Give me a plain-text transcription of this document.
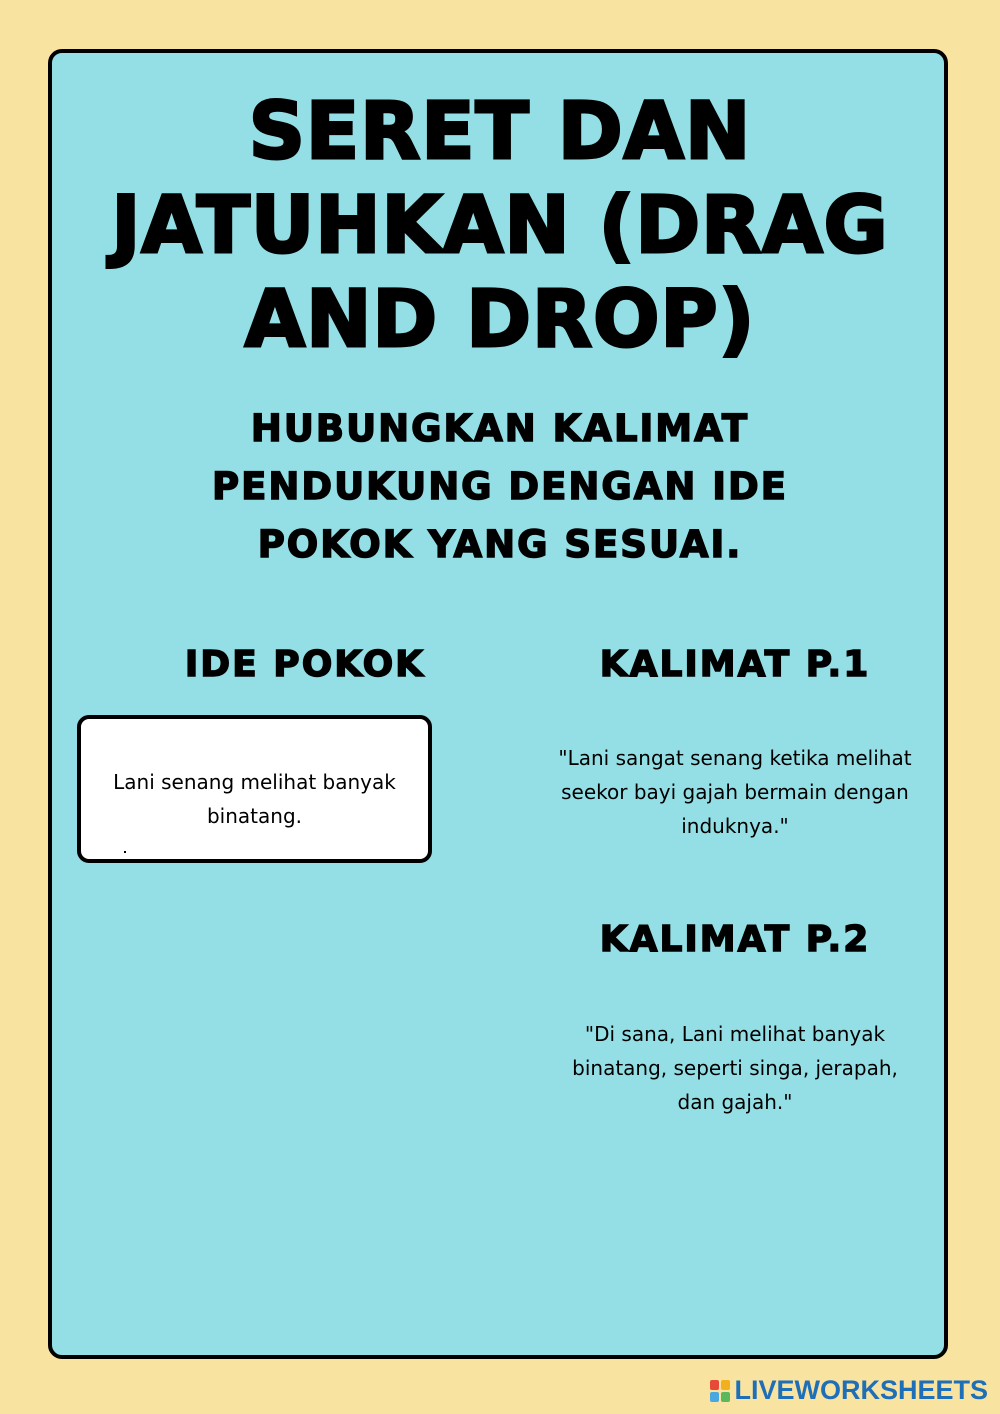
SERET DAN
JATUHKAN (DRAG
AND DROP)
HUBUNGKAN KALIMAT
PENDUKUNG DENGAN IDE
POKOK YANG SESUAI.
IDE POKOK
Lani senang melihat banyak binatang.
KALIMAT P.1
"Lani sangat senang ketika melihat seekor bayi gajah bermain dengan induknya."
KALIMAT P.2
"Di sana, Lani melihat banyak binatang, seperti singa, jerapah, dan gajah."
LIVEWORKSHEETS
